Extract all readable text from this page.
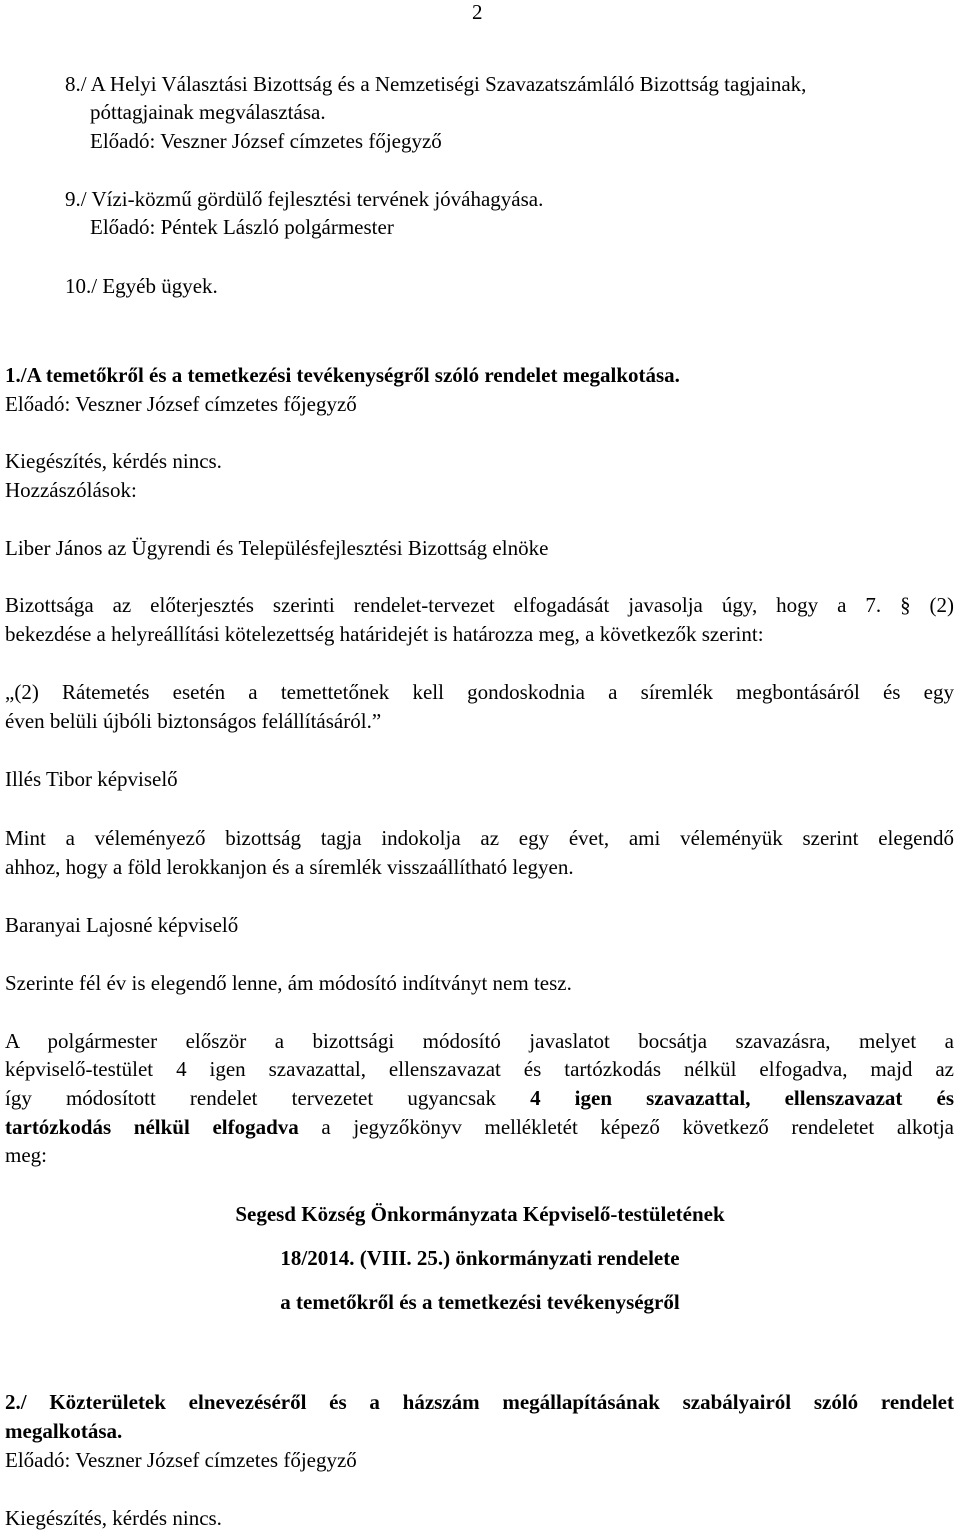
2
8./ A Helyi Választási Bizottság és a Nemzetiségi Szavazatszámláló Bizottság tagjainak,
póttagjainak megválasztása.
Előadó: Veszner József címzetes főjegyző
9./ Vízi-közmű gördülő fejlesztési tervének jóváhagyása.
Előadó: Péntek László polgármester
10./ Egyéb ügyek.
1./A temetőkről és a temetkezési tevékenységről szóló rendelet megalkotása.
Előadó: Veszner József címzetes főjegyző
Kiegészítés, kérdés nincs.
Hozzászólások:
Liber János az Ügyrendi és Településfejlesztési Bizottság elnöke
Bizottsága az előterjesztés szerinti rendelet-tervezet elfogadását javasolja úgy, hogy a 7. § (2)
bekezdése a helyreállítási kötelezettség határidejét is határozza meg, a következők szerint:
„(2) Rátemetés esetén a temettetőnek kell gondoskodnia a síremlék megbontásáról és egy
éven belüli újbóli biztonságos felállításáról.”
Illés Tibor képviselő
Mint a véleményező bizottság tagja indokolja az egy évet, ami véleményük szerint elegendő
ahhoz, hogy a föld lerokkanjon és a síremlék visszaállítható legyen.
Baranyai Lajosné képviselő
Szerinte fél év is elegendő lenne, ám módosító indítványt nem tesz.
A polgármester először a bizottsági módosító javaslatot bocsátja szavazásra, melyet a
képviselő-testület 4 igen szavazattal, ellenszavazat és tartózkodás nélkül elfogadva, majd az
így módosított rendelet tervezetet ugyancsak 4 igen szavazattal, ellenszavazat és
tartózkodás nélkül elfogadva a jegyzőkönyv mellékletét képező következő rendeletet alkotja
meg:
Segesd Község Önkormányzata Képviselő-testületének
18/2014. (VIII. 25.) önkormányzati rendelete
a temetőkről és a temetkezési tevékenységről
2./ Közterületek elnevezéséről és a házszám megállapításának szabályairól szóló rendelet
megalkotása.
Előadó: Veszner József címzetes főjegyző
Kiegészítés, kérdés nincs.
